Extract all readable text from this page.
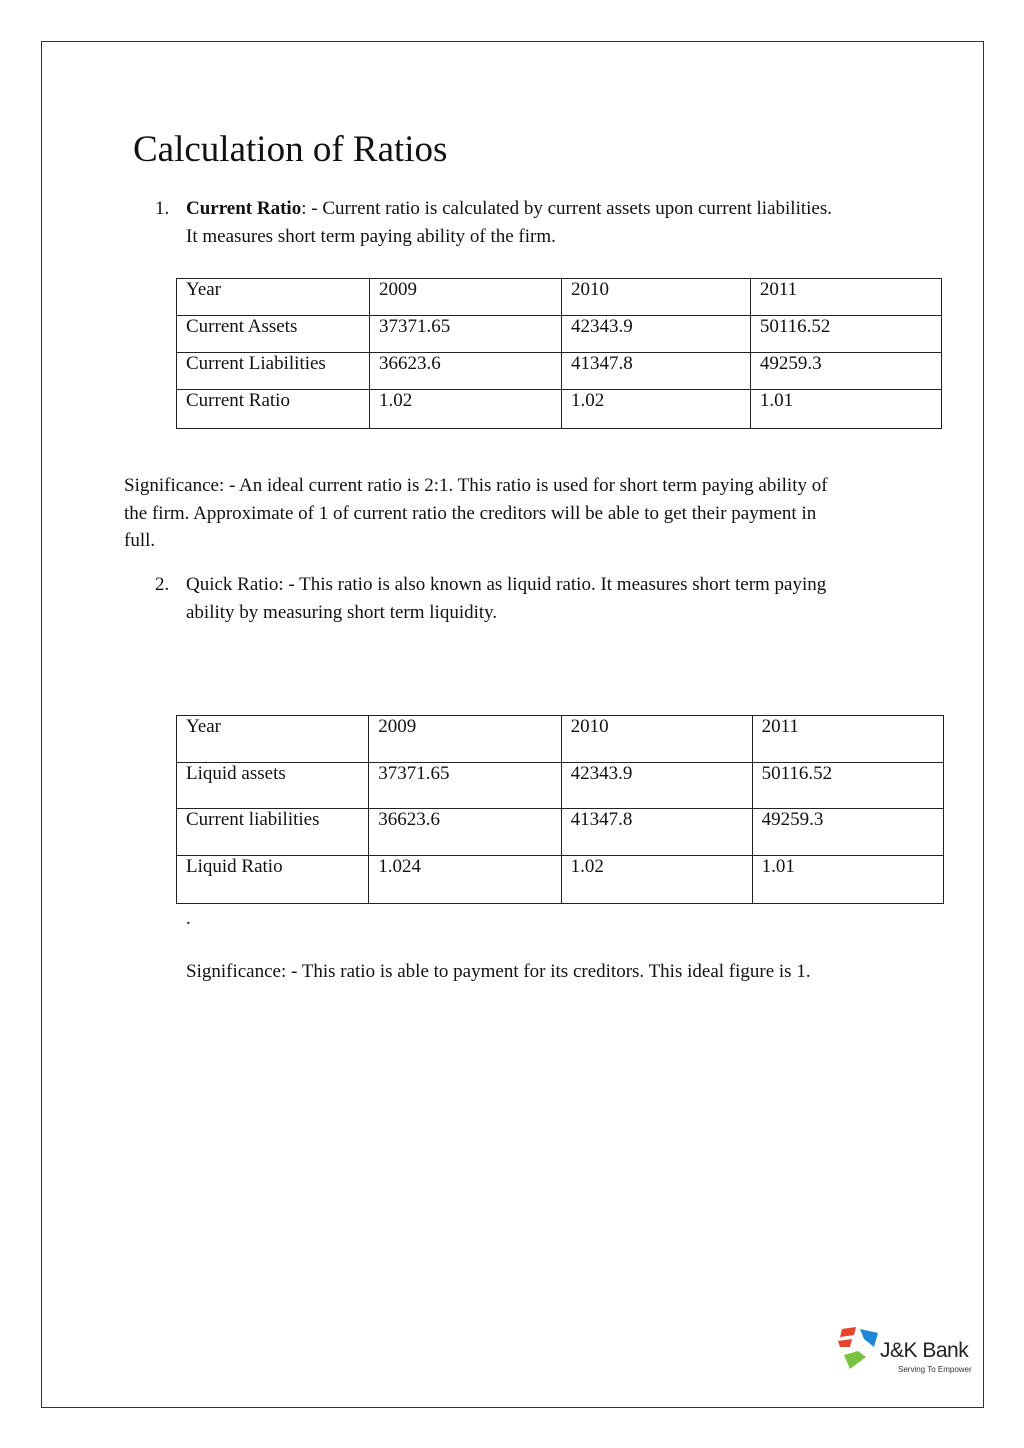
Calculation of Ratios
1. Current Ratio: - Current ratio is calculated by current assets upon current liabilities.
It measures short term paying ability of the firm.
Year	2009	2010	2011
Current Assets	37371.65	42343.9	50116.52
Current Liabilities	36623.6	41347.8	49259.3
Current Ratio	1.02	1.02	1.01
Significance: - An ideal current ratio is 2:1. This ratio is used for short term paying ability of
the firm. Approximate of 1 of current ratio the creditors will be able to get their payment in
full.
2. Quick Ratio: - This ratio is also known as liquid ratio. It measures short term paying
ability by measuring short term liquidity.
Year	2009	2010	2011
Liquid assets	37371.65	42343.9	50116.52
Current liabilities	36623.6	41347.8	49259.3
Liquid Ratio	1.024	1.02	1.01
.
Significance: - This ratio is able to payment for its creditors. This ideal figure is 1.
J&K Bank
Serving To Empower
